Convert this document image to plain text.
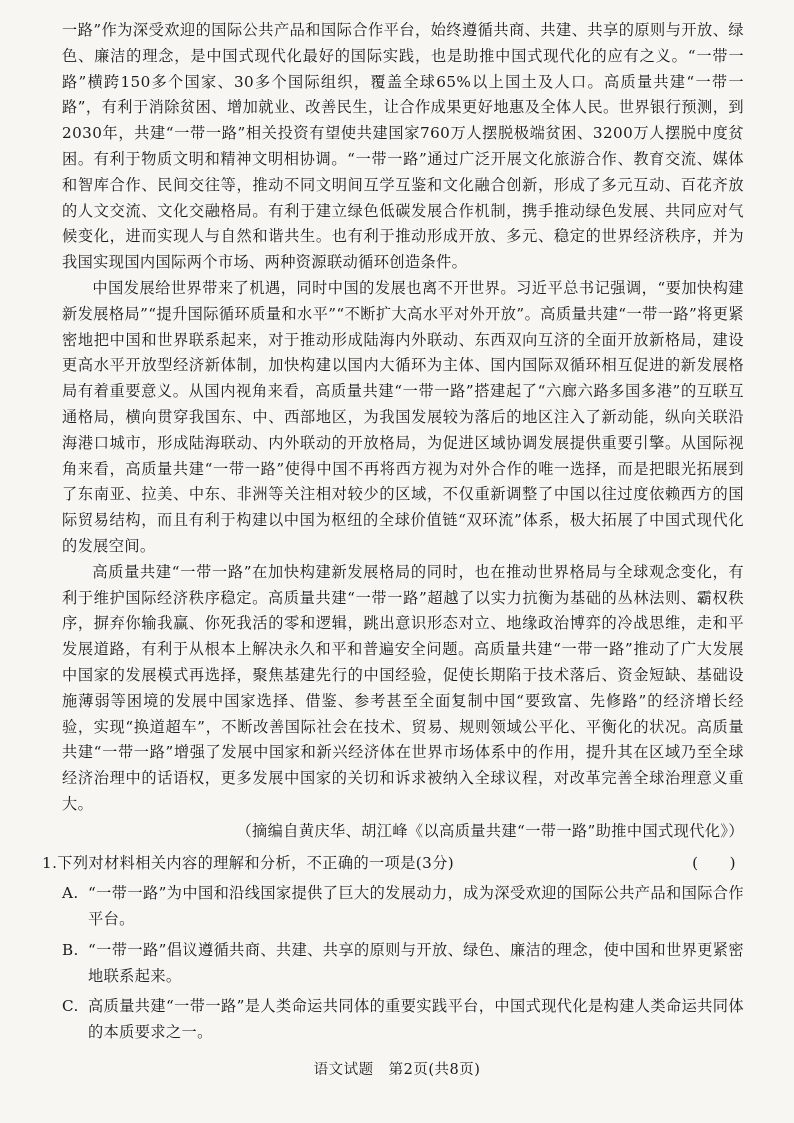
一路”作为深受欢迎的国际公共产品和国际合作平台，始终遵循共商、共建、共享的原则与开放、绿色、廉洁的理念，是中国式现代化最好的国际实践，也是助推中国式现代化的应有之义。“一带一路”横跨150多个国家、30多个国际组织，覆盖全球65%以上国土及人口。高质量共建“一带一路”，有利于消除贫困、增加就业、改善民生，让合作成果更好地惠及全体人民。世界银行预测，到2030年，共建“一带一路”相关投资有望使共建国家760万人摆脱极端贫困、3200万人摆脱中度贫困。有利于物质文明和精神文明相协调。“一带一路”通过广泛开展文化旅游合作、教育交流、媒体和智库合作、民间交往等，推动不同文明间互学互鉴和文化融合创新，形成了多元互动、百花齐放的人文交流、文化交融格局。有利于建立绿色低碳发展合作机制，携手推动绿色发展、共同应对气候变化，进而实现人与自然和谐共生。也有利于推动形成开放、多元、稳定的世界经济秩序，并为我国实现国内国际两个市场、两种资源联动循环创造条件。

中国发展给世界带来了机遇，同时中国的发展也离不开世界。习近平总书记强调，“要加快构建新发展格局”“提升国际循环质量和水平”“不断扩大高水平对外开放”。高质量共建“一带一路”将更紧密地把中国和世界联系起来，对于推动形成陆海内外联动、东西双向互济的全面开放新格局，建设更高水平开放型经济新体制，加快构建以国内大循环为主体、国内国际双循环相互促进的新发展格局有着重要意义。从国内视角来看，高质量共建“一带一路”搭建起了“六廊六路多国多港”的互联互通格局，横向贯穿我国东、中、西部地区，为我国发展较为落后的地区注入了新动能，纵向关联沿海港口城市，形成陆海联动、内外联动的开放格局，为促进区域协调发展提供重要引擎。从国际视角来看，高质量共建“一带一路”使得中国不再将西方视为对外合作的唯一选择，而是把眼光拓展到了东南亚、拉美、中东、非洲等关注相对较少的区域，不仅重新调整了中国以往过度依赖西方的国际贸易结构，而且有利于构建以中国为枢纽的全球价值链“双环流”体系，极大拓展了中国式现代化的发展空间。

高质量共建“一带一路”在加快构建新发展格局的同时，也在推动世界格局与全球观念变化，有利于维护国际经济秩序稳定。高质量共建“一带一路”超越了以实力抗衡为基础的丛林法则、霸权秩序，摒弃你输我赢、你死我活的零和逻辑，跳出意识形态对立、地缘政治博弈的冷战思维，走和平发展道路，有利于从根本上解决永久和平和普遍安全问题。高质量共建“一带一路”推动了广大发展中国家的发展模式再选择，聚焦基建先行的中国经验，促使长期陷于技术落后、资金短缺、基础设施薄弱等困境的发展中国家选择、借鉴、参考甚至全面复制中国“要致富、先修路”的经济增长经验，实现“换道超车”，不断改善国际社会在技术、贸易、规则领域公平化、平衡化的状况。高质量共建“一带一路”增强了发展中国家和新兴经济体在世界市场体系中的作用，提升其在区域乃至全球经济治理中的话语权，更多发展中国家的关切和诉求被纳入全球议程，对改革完善全球治理意义重大。

（摘编自黄庆华、胡江峰《以高质量共建“一带一路”助推中国式现代化》）

1.下列对材料相关内容的理解和分析，不正确的一项是(3分)	(　　)
A. “一带一路”为中国和沿线国家提供了巨大的发展动力，成为深受欢迎的国际公共产品和国际合作平台。
B. “一带一路”倡议遵循共商、共建、共享的原则与开放、绿色、廉洁的理念，使中国和世界更紧密地联系起来。
C. 高质量共建“一带一路”是人类命运共同体的重要实践平台，中国式现代化是构建人类命运共同体的本质要求之一。
语文试题　第2页(共8页)
